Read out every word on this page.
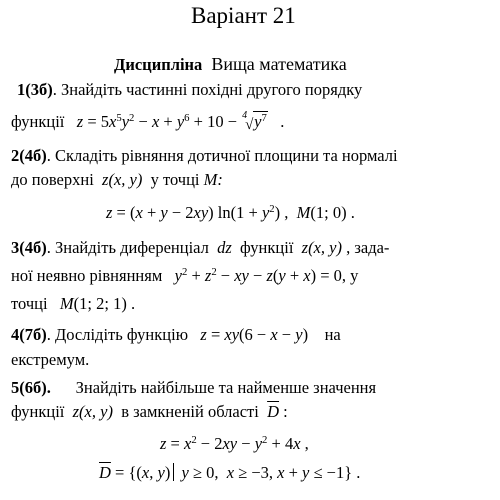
Варіант 21
Дисципліна Вища математика
1(3б). Знайдіть частинні похідні другого порядку
функції $z = 5x^5y^2 - x + y^6 + 10 - 4$
√ $y^7$   .
2(4б). Складіть рівняння дотичної площини та нормалі
до поверхні z(x, y) у точці M:
z = (x + y − 2xy) $\ln(1 + y^2)$ ,  M(1; 0) .
3(4б). Знайдіть диференціал dz функції z(x, y) , зада-
ної неявно рівнянням $y^2 + z^2$ − xy − z(y + x) = 0, у
точці M(1; 2; 1) .
4(7б). Дослідіть функцію z = xy(6 − x − y)    на
екстремум.
5(6б). Знайдіть найбільше та найменше значення
функції z(x, y) в замкненій області $\overline{D}$ :
$z = x^2 - 2xy - y^2 + 4x$ ,
$\overline{D} = \{(x$, y) y ≥ 0,  x ≥ −3, x + y ≤ −1} .
